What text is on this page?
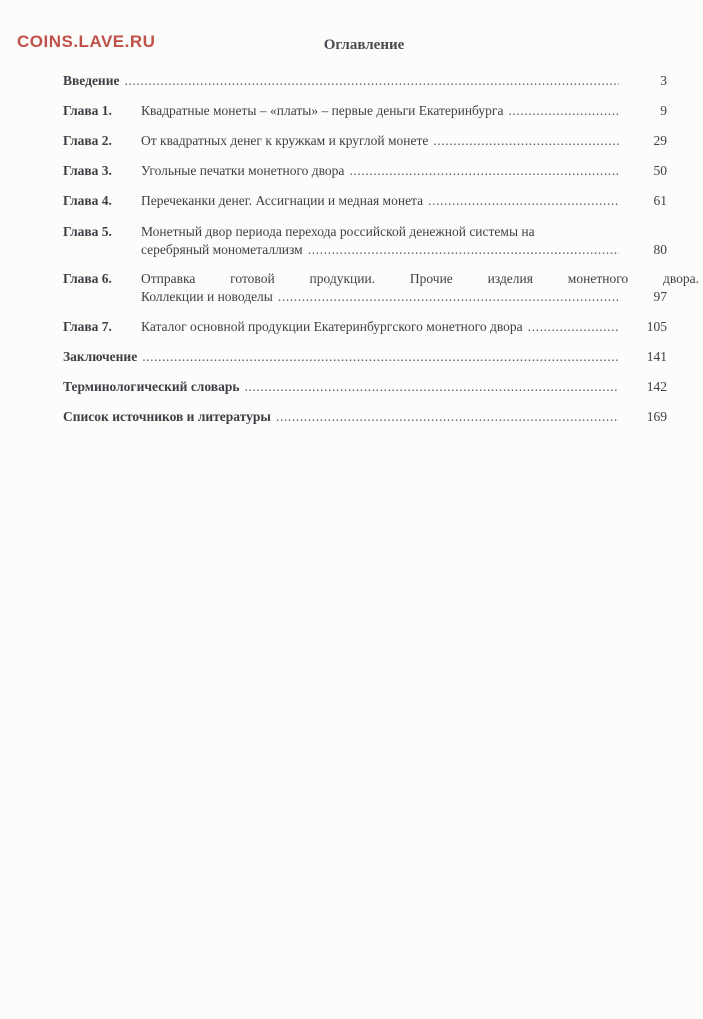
COINS.LAVE.RU	Оглавление
Введение .....	3
Глава 1. Квадратные монеты – «платы» – первые деньги Екатеринбурга .....	9
Глава 2. От квадратных денег к кружкам и круглой монете .....	29
Глава 3. Угольные печатки монетного двора .....	50
Глава 4. Перечеканки денег. Ассигнации и медная монета .....	61
Глава 5. Монетный двор периода перехода российской денежной системы на
серебряный монометаллизм .....	80
Глава 6. Отправка готовой продукции. Прочие изделия монетного двора.
Коллекции и новоделы .....	97
Глава 7. Каталог основной продукции Екатеринбургского монетного двора .....	105
Заключение .....	141
Терминологический словарь .....	142
Список источников и литературы .....	169
